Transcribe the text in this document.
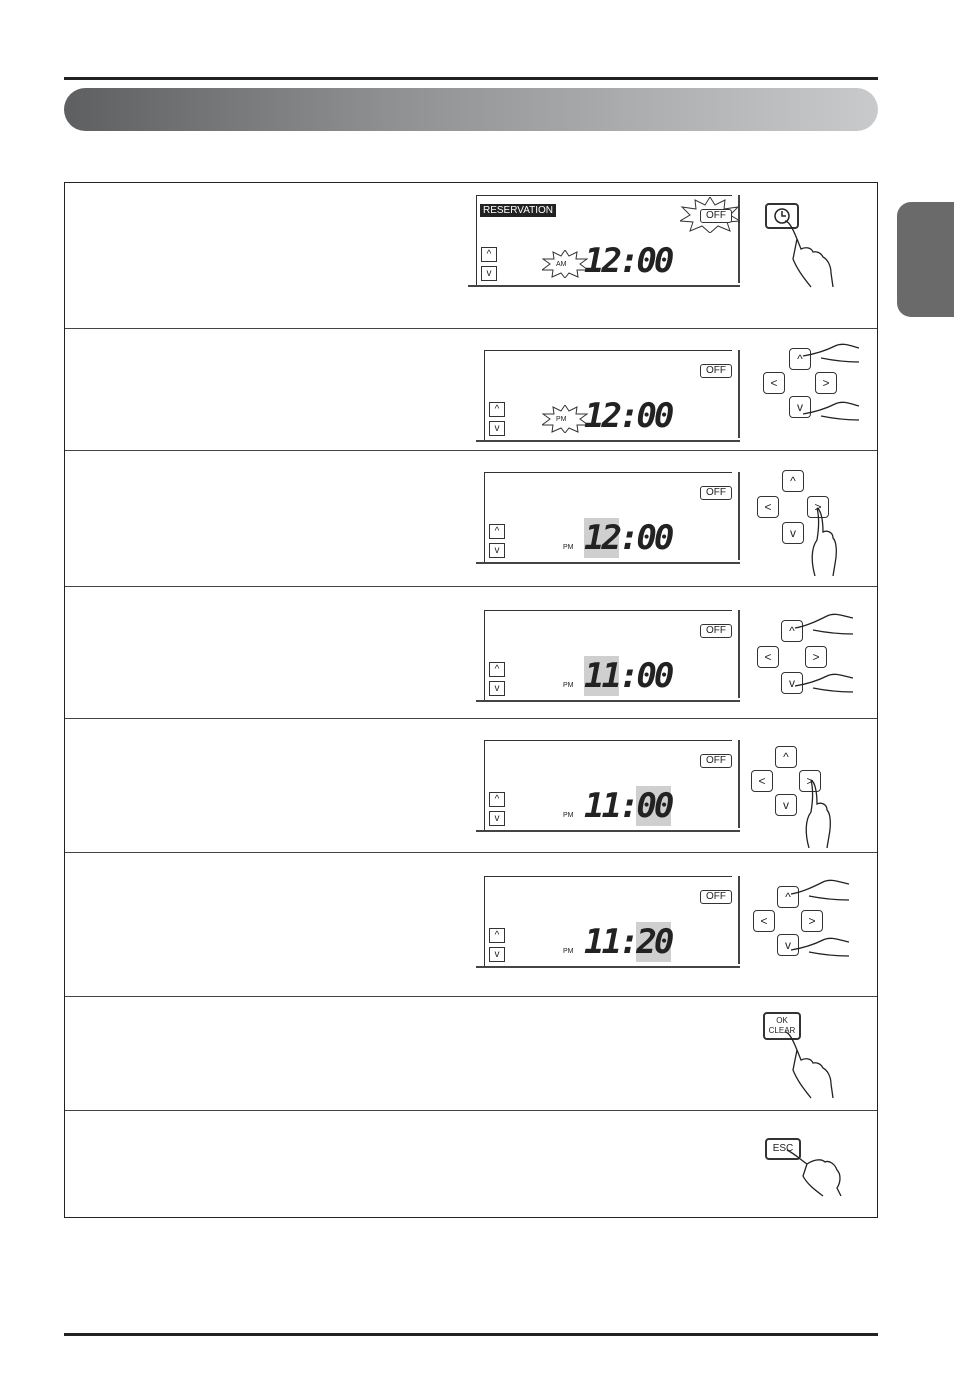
RESERVATION	OFF
^
v
AM 12:00
OFF
^
v
PM 12:00
^
<	>
v
OFF
^
v	PM 12:00
^
<	>
v
OFF
^
v	PM 11:00
^
<	>
v
OFF
^
v	PM 11:00
^
<	>
v
OFF
^
v	PM 11:20
^
<	>
v
OK
CLEAR
ESC
